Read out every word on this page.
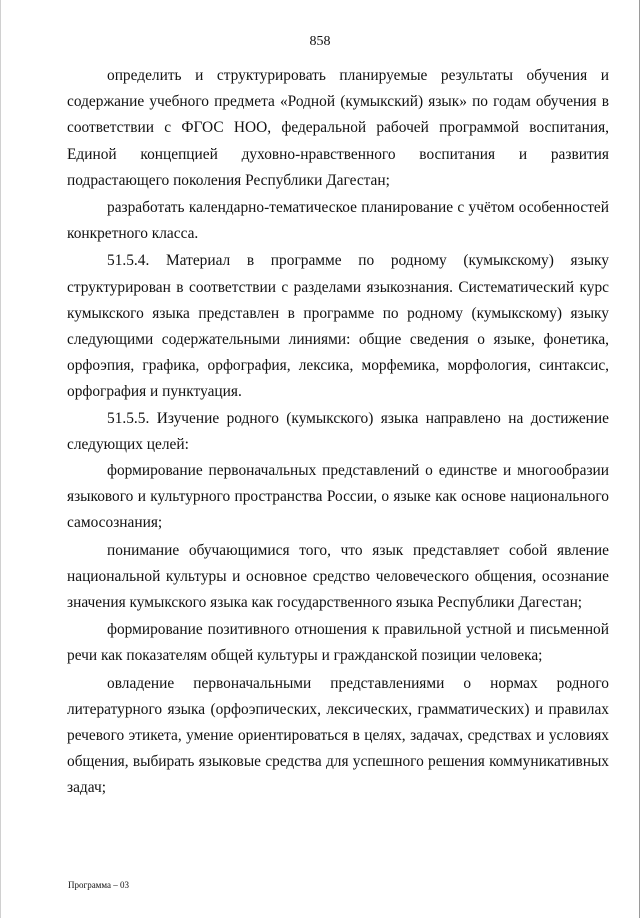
858

определить и структурировать планируемые результаты обучения и содержание учебного предмета «Родной (кумыкский) язык» по годам обучения в соответствии с ФГОС НОО, федеральной рабочей программой воспитания, Единой концепцией духовно-нравственного воспитания и развития подрастающего поколения Республики Дагестан;

разработать календарно-тематическое планирование с учётом особенностей конкретного класса.

51.5.4. Материал в программе по родному (кумыкскому) языку структурирован в соответствии с разделами языкознания. Систематический курс кумыкского языка представлен в программе по родному (кумыкскому) языку следующими содержательными линиями: общие сведения о языке, фонетика, орфоэпия, графика, орфография, лексика, морфемика, морфология, синтаксис, орфография и пунктуация.

51.5.5. Изучение родного (кумыкского) языка направлено на достижение следующих целей:

формирование первоначальных представлений о единстве и многообразии языкового и культурного пространства России, о языке как основе национального самосознания;

понимание обучающимися того, что язык представляет собой явление национальной культуры и основное средство человеческого общения, осознание значения кумыкского языка как государственного языка Республики Дагестан;

формирование позитивного отношения к правильной устной и письменной речи как показателям общей культуры и гражданской позиции человека;

овладение первоначальными представлениями о нормах родного литературного языка (орфоэпических, лексических, грамматических) и правилах речевого этикета, умение ориентироваться в целях, задачах, средствах и условиях общения, выбирать языковые средства для успешного решения коммуникативных задач;

Программа – 03
